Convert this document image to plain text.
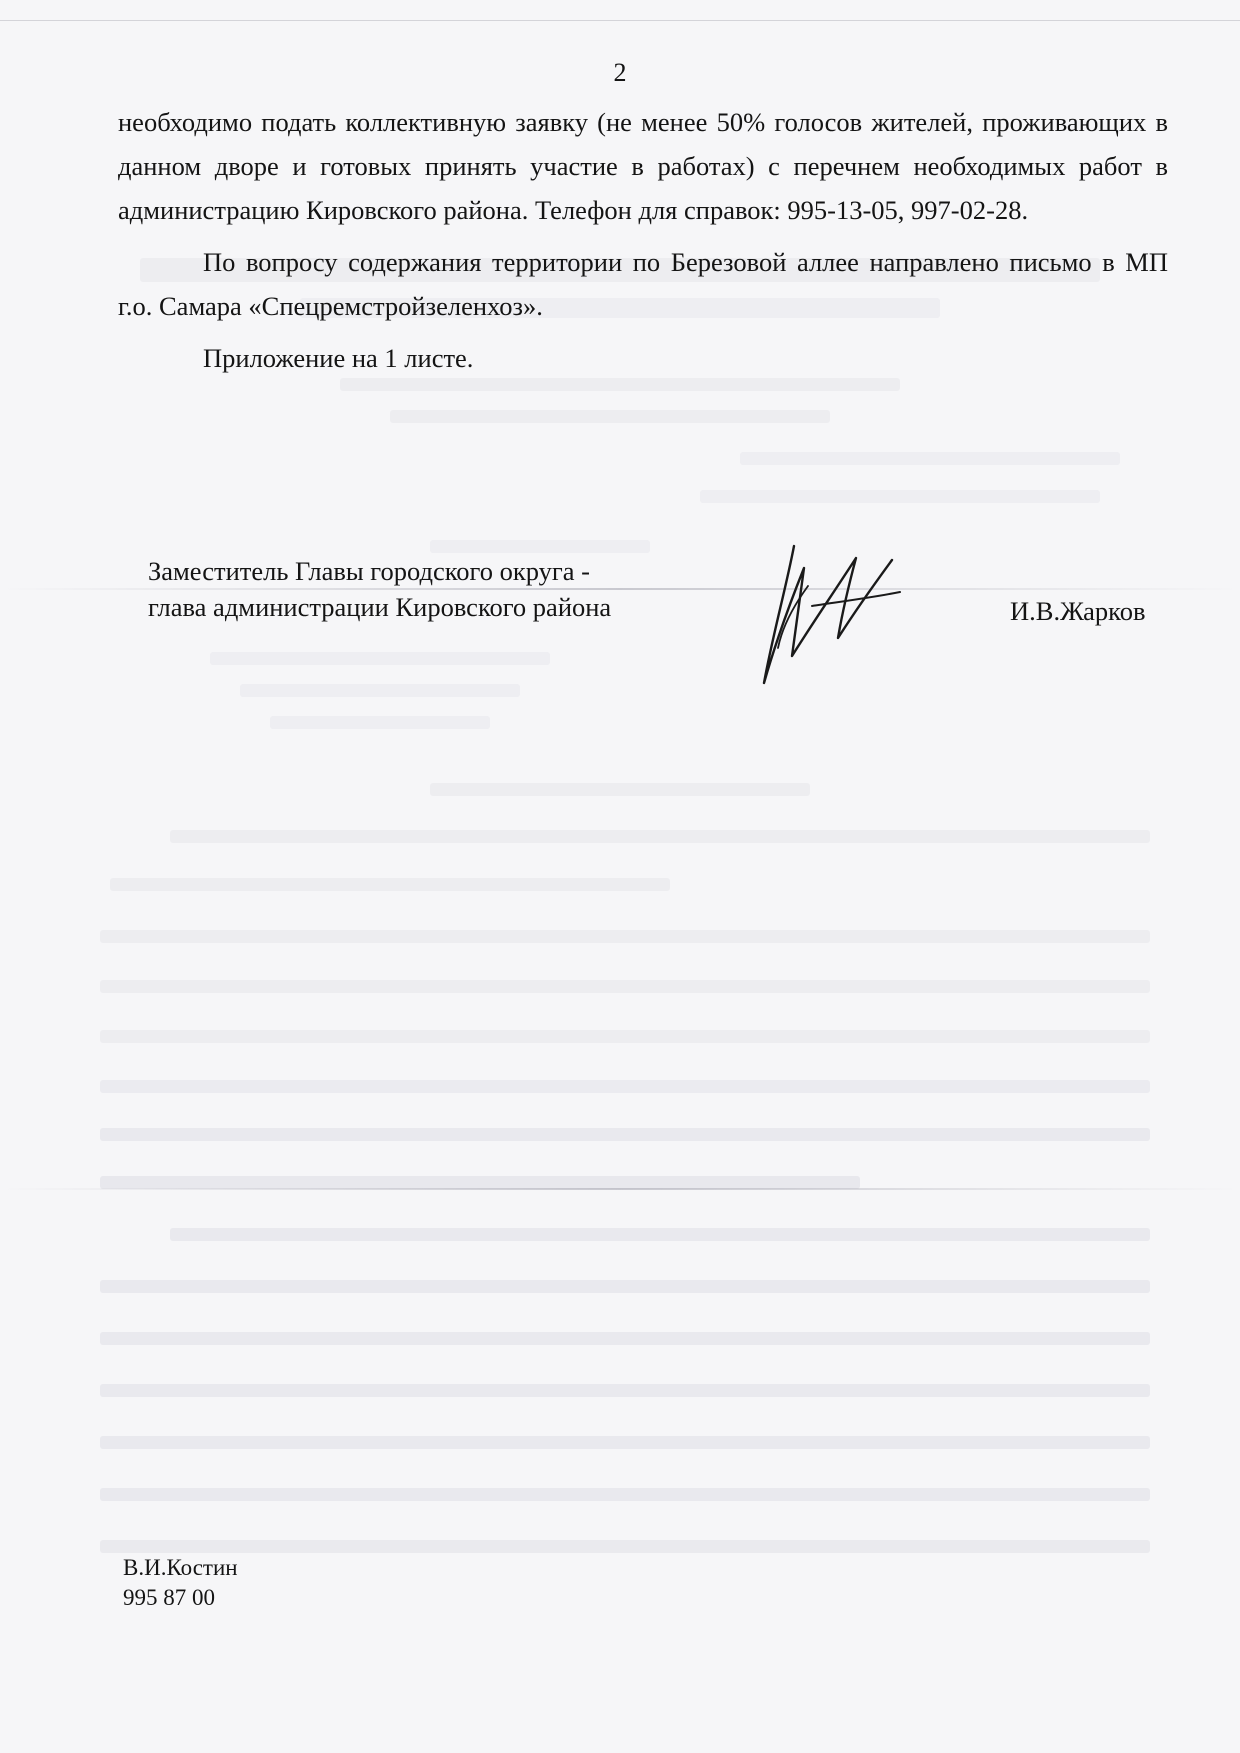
2

необходимо подать коллективную заявку (не менее 50% голосов жителей, проживающих в данном дворе и готовых принять участие в работах) с перечнем необходимых работ в администрацию Кировского района. Телефон для справок: 995-13-05, 997-02-28.

По вопросу содержания территории по Березовой аллее направлено письмо в МП г.о. Самара «Спецремстройзеленхоз».

Приложение на 1 листе.

Заместитель Главы городского округа -
глава администрации Кировского района	И.В.Жарков
В.И.Костин
995 87 00
